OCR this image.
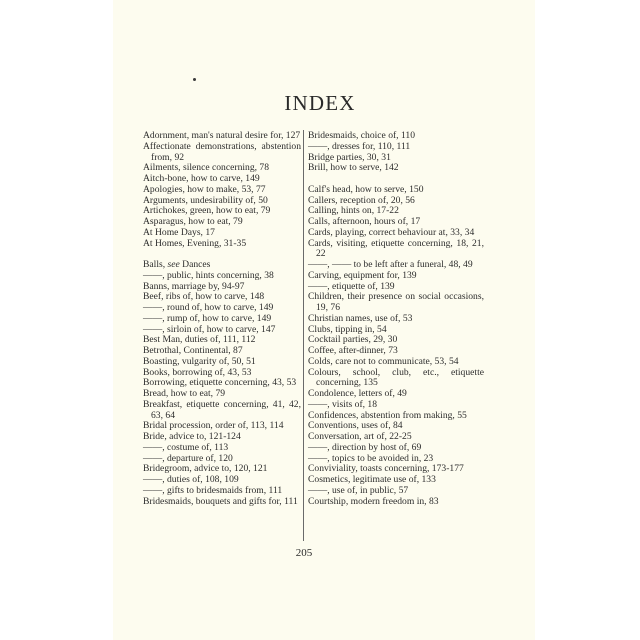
INDEX
Adornment, man's natural desire for, 127
Affectionate demonstrations, abstention from, 92
Ailments, silence concerning, 78
Aitch-bone, how to carve, 149
Apologies, how to make, 53, 77
Arguments, undesirability of, 50
Artichokes, green, how to eat, 79
Asparagus, how to eat, 79
At Home Days, 17
At Homes, Evening, 31-35
Balls, see Dances
——, public, hints concerning, 38
Banns, marriage by, 94-97
Beef, ribs of, how to carve, 148
——, round of, how to carve, 149
——, rump of, how to carve, 149
——, sirloin of, how to carve, 147
Best Man, duties of, 111, 112
Betrothal, Continental, 87
Boasting, vulgarity of, 50, 51
Books, borrowing of, 43, 53
Borrowing, etiquette concerning, 43, 53
Bread, how to eat, 79
Breakfast, etiquette concerning, 41, 42, 63, 64
Bridal procession, order of, 113, 114
Bride, advice to, 121-124
——, costume of, 113
——, departure of, 120
Bridegroom, advice to, 120, 121
——, duties of, 108, 109
——, gifts to bridesmaids from, 111
Bridesmaids, bouquets and gifts for, 111
Bridesmaids, choice of, 110
——, dresses for, 110, 111
Bridge parties, 30, 31
Brill, how to serve, 142
Calf's head, how to serve, 150
Callers, reception of, 20, 56
Calling, hints on, 17-22
Calls, afternoon, hours of, 17
Cards, playing, correct behaviour at, 33, 34
Cards, visiting, etiquette concerning, 18, 21, 22
——, —— to be left after a funeral, 48, 49
Carving, equipment for, 139
——, etiquette of, 139
Children, their presence on social occasions, 19, 76
Christian names, use of, 53
Clubs, tipping in, 54
Cocktail parties, 29, 30
Coffee, after-dinner, 73
Colds, care not to communicate, 53, 54
Colours, school, club, etc., etiquette concerning, 135
Condolence, letters of, 49
——, visits of, 18
Confidences, abstention from making, 55
Conventions, uses of, 84
Conversation, art of, 22-25
——, direction by host of, 69
——, topics to be avoided in, 23
Conviviality, toasts concerning, 173-177
Cosmetics, legitimate use of, 133
——, use of, in public, 57
Courtship, modern freedom in, 83
205
